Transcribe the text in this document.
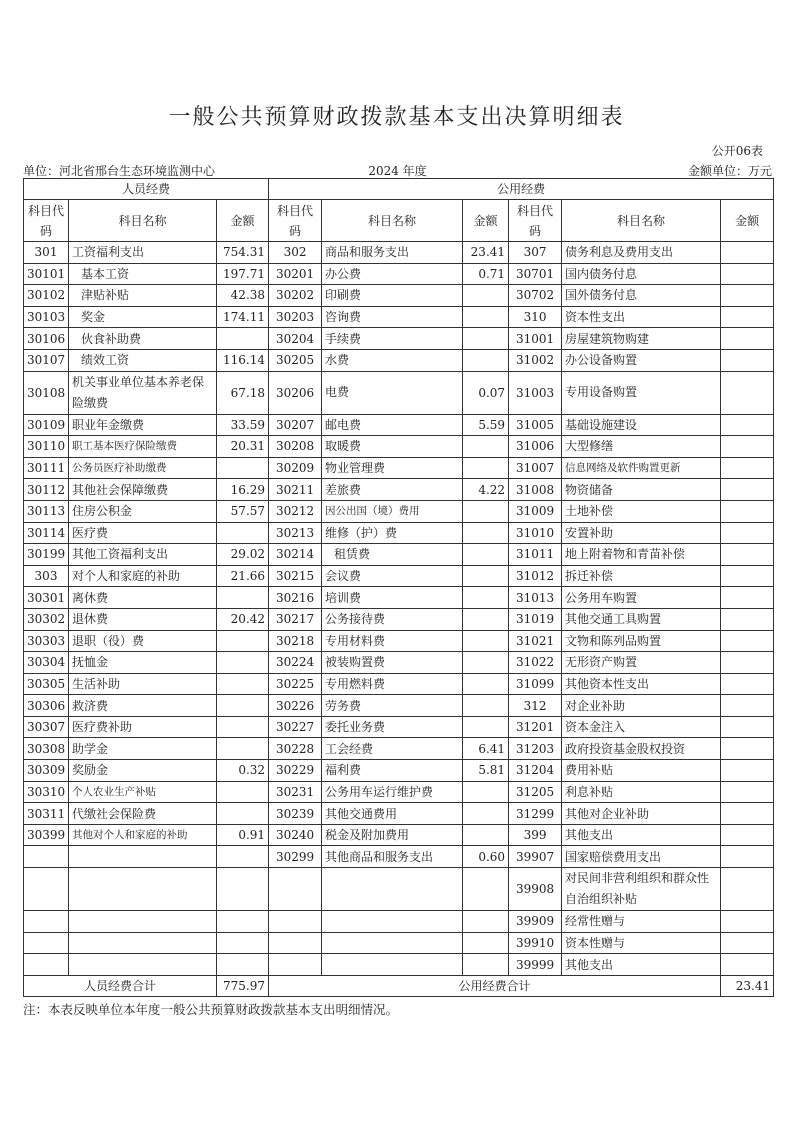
一般公共预算财政拨款基本支出决算明细表
公开06表
单位：河北省邢台生态环境监测中心	2024 年度	金额单位：万元
人员经费			公用经费					
科目代码	科目名称	金额	科目代码	科目名称	金额	科目代码	科目名称	金额
301	工资福利支出	754.31	302	商品和服务支出	23.41	307	债务利息及费用支出	
30101	基本工资	197.71	30201	办公费	0.71	30701	国内债务付息	
30102	津贴补贴	42.38	30202	印刷费		30702	国外债务付息	
30103	奖金	174.11	30203	咨询费		310	资本性支出	
30106	伙食补助费		30204	手续费		31001	房屋建筑物购建	
30107	绩效工资	116.14	30205	水费		31002	办公设备购置	
30108	机关事业单位基本养老保险缴费	67.18	30206	电费	0.07	31003	专用设备购置	
30109	职业年金缴费	33.59	30207	邮电费	5.59	31005	基础设施建设	
30110	职工基本医疗保险缴费	20.31	30208	取暖费		31006	大型修缮	
30111	公务员医疗补助缴费		30209	物业管理费		31007	信息网络及软件购置更新	
30112	其他社会保障缴费	16.29	30211	差旅费	4.22	31008	物资储备	
30113	住房公积金	57.57	30212	因公出国（境）费用		31009	土地补偿	
30114	医疗费		30213	维修（护）费		31010	安置补助	
30199	其他工资福利支出	29.02	30214	租赁费		31011	地上附着物和青苗补偿	
303	对个人和家庭的补助	21.66	30215	会议费		31012	拆迁补偿	
30301	离休费		30216	培训费		31013	公务用车购置	
30302	退休费	20.42	30217	公务接待费		31019	其他交通工具购置	
30303	退职（役）费		30218	专用材料费		31021	文物和陈列品购置	
30304	抚恤金		30224	被装购置费		31022	无形资产购置	
30305	生活补助		30225	专用燃料费		31099	其他资本性支出	
30306	救济费		30226	劳务费		312	对企业补助	
30307	医疗费补助		30227	委托业务费		31201	资本金注入	
30308	助学金		30228	工会经费	6.41	31203	政府投资基金股权投资	
30309	奖励金	0.32	30229	福利费	5.81	31204	费用补贴	
30310	个人农业生产补贴		30231	公务用车运行维护费		31205	利息补贴	
30311	代缴社会保险费		30239	其他交通费用		31299	其他对企业补助	
30399	其他对个人和家庭的补助	0.91	30240	税金及附加费用		399	其他支出	
			30299	其他商品和服务支出	0.60	39907	国家赔偿费用支出	
						39908	对民间非营利组织和群众性自治组织补贴	
						39909	经常性赠与	
						39910	资本性赠与	
						39999	其他支出	
人员经费合计		775.97	公用经费合计					23.41
注：本表反映单位本年度一般公共预算财政拨款基本支出明细情况。
